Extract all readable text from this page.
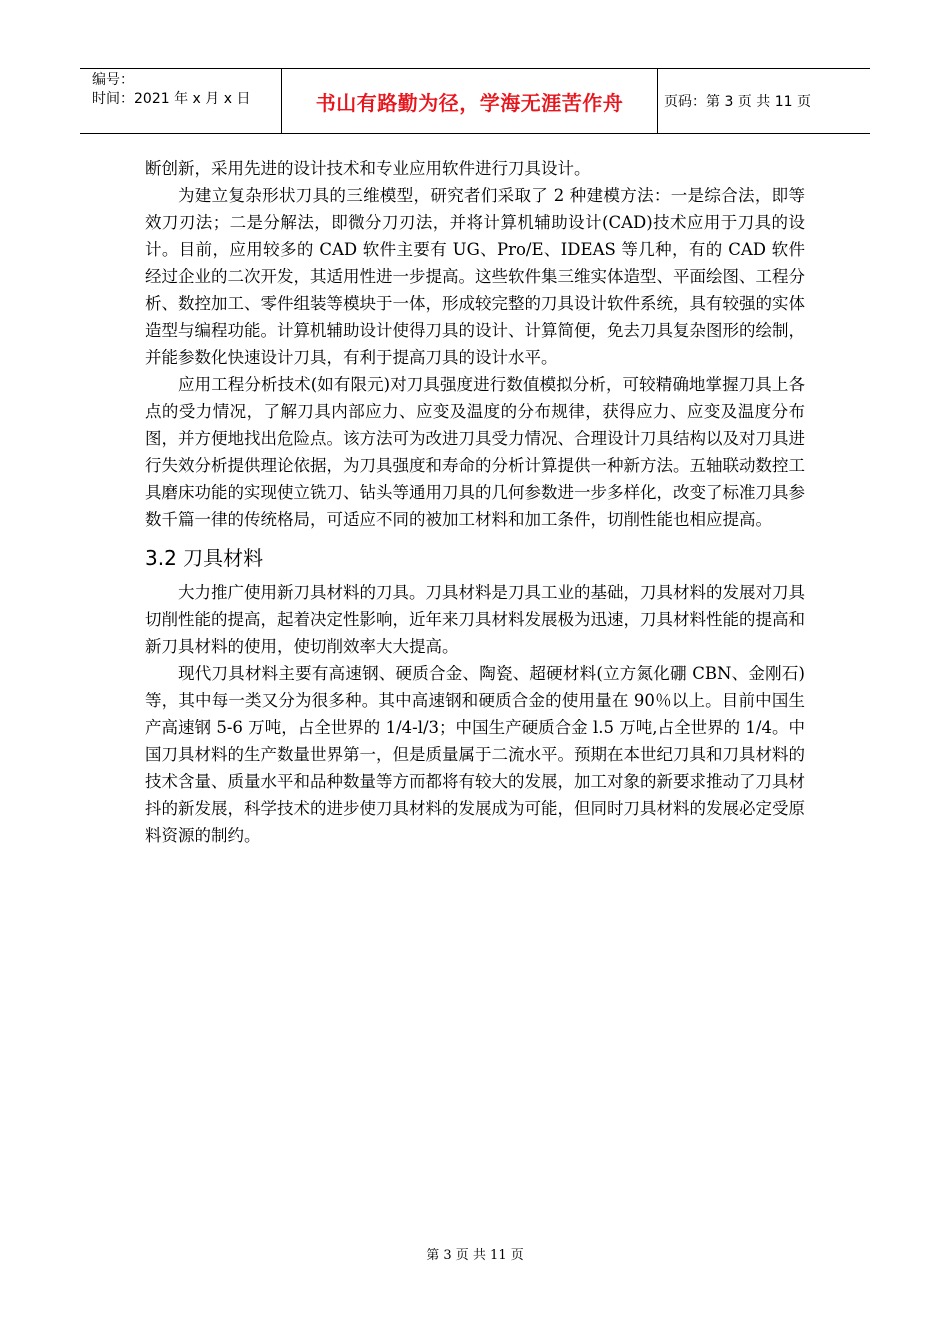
编号：
时间：2021 年 x 月 x 日	书山有路勤为径，学海无涯苦作舟	页码：第 3 页 共 11 页

断创新，采用先进的设计技术和专业应用软件进行刀具设计。

为建立复杂形状刀具的三维模型，研究者们采取了 2 种建模方法：一是综合法，即等效刀刃法；二是分解法，即微分刀刃法，并将计算机辅助设计(CAD)技术应用于刀具的设计。目前，应用较多的 CAD 软件主要有 UG、Pro/E、IDEAS 等几种，有的 CAD 软件经过企业的二次开发，其适用性进一步提高。这些软件集三维实体造型、平面绘图、工程分析、数控加工、零件组装等模块于一体，形成较完整的刀具设计软件系统，具有较强的实体造型与编程功能。计算机辅助设计使得刀具的设计、计算简便，免去刀具复杂图形的绘制，并能参数化快速设计刀具，有利于提高刀具的设计水平。

应用工程分析技术(如有限元)对刀具强度进行数值模拟分析，可较精确地掌握刀具上各点的受力情况，了解刀具内部应力、应变及温度的分布规律，获得应力、应变及温度分布图，并方便地找出危险点。该方法可为改进刀具受力情况、合理设计刀具结构以及对刀具进行失效分析提供理论依据，为刀具强度和寿命的分析计算提供一种新方法。五轴联动数控工具磨床功能的实现使立铣刀、钻头等通用刀具的几何参数进一步多样化，改变了标准刀具参数千篇一律的传统格局，可适应不同的被加工材料和加工条件，切削性能也相应提高。

3.2 刀具材料

大力推广使用新刀具材料的刀具。刀具材料是刀具工业的基础，刀具材料的发展对刀具切削性能的提高，起着决定性影响，近年来刀具材料发展极为迅速，刀具材料性能的提高和新刀具材料的使用，使切削效率大大提高。

现代刀具材料主要有高速钢、硬质合金、陶瓷、超硬材料(立方氮化硼 CBN、金刚石)等，其中每一类又分为很多种。其中高速钢和硬质合金的使用量在 90％以上。目前中国生产高速钢 5-6 万吨，占全世界的 1/4-l/3；中国生产硬质合金 l.5 万吨,占全世界的 1/4。中国刀具材料的生产数量世界第一，但是质量属于二流水平。预期在本世纪刀具和刀具材料的技术含量、质量水平和品种数量等方而都将有较大的发展，加工对象的新要求推动了刀具材抖的新发展，科学技术的进步使刀具材料的发展成为可能，但同时刀具材料的发展必定受原料资源的制约。

第 3 页 共 11 页
